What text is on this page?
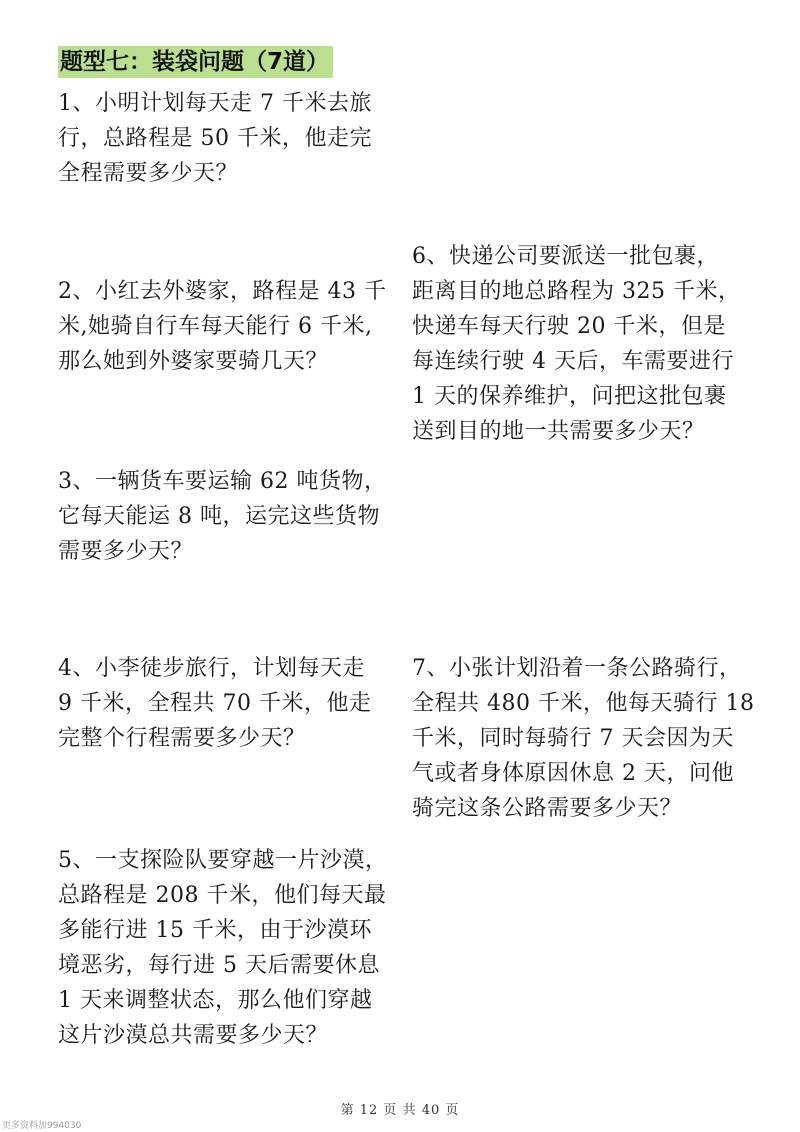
题型七：装袋问题（7道）

1、小明计划每天走 7 千米去旅
行，总路程是 50 千米，他走完
全程需要多少天？

2、小红去外婆家，路程是 43 千
米,她骑自行车每天能行 6 千米,
那么她到外婆家要骑几天？

3、一辆货车要运输 62 吨货物，
它每天能运 8 吨，运完这些货物
需要多少天？

4、小李徒步旅行，计划每天走
9 千米，全程共 70 千米，他走
完整个行程需要多少天？

5、一支探险队要穿越一片沙漠，
总路程是 208 千米，他们每天最
多能行进 15 千米，由于沙漠环
境恶劣，每行进 5 天后需要休息
1 天来调整状态，那么他们穿越
这片沙漠总共需要多少天？

6、快递公司要派送一批包裹，
距离目的地总路程为 325 千米，
快递车每天行驶 20 千米，但是
每连续行驶 4 天后，车需要进行
1 天的保养维护，问把这批包裹
送到目的地一共需要多少天？

7、小张计划沿着一条公路骑行，
全程共 480 千米，他每天骑行 18
千米，同时每骑行 7 天会因为天
气或者身体原因休息 2 天，问他
骑完这条公路需要多少天？

第 12 页 共 40 页
更多资料加994030
